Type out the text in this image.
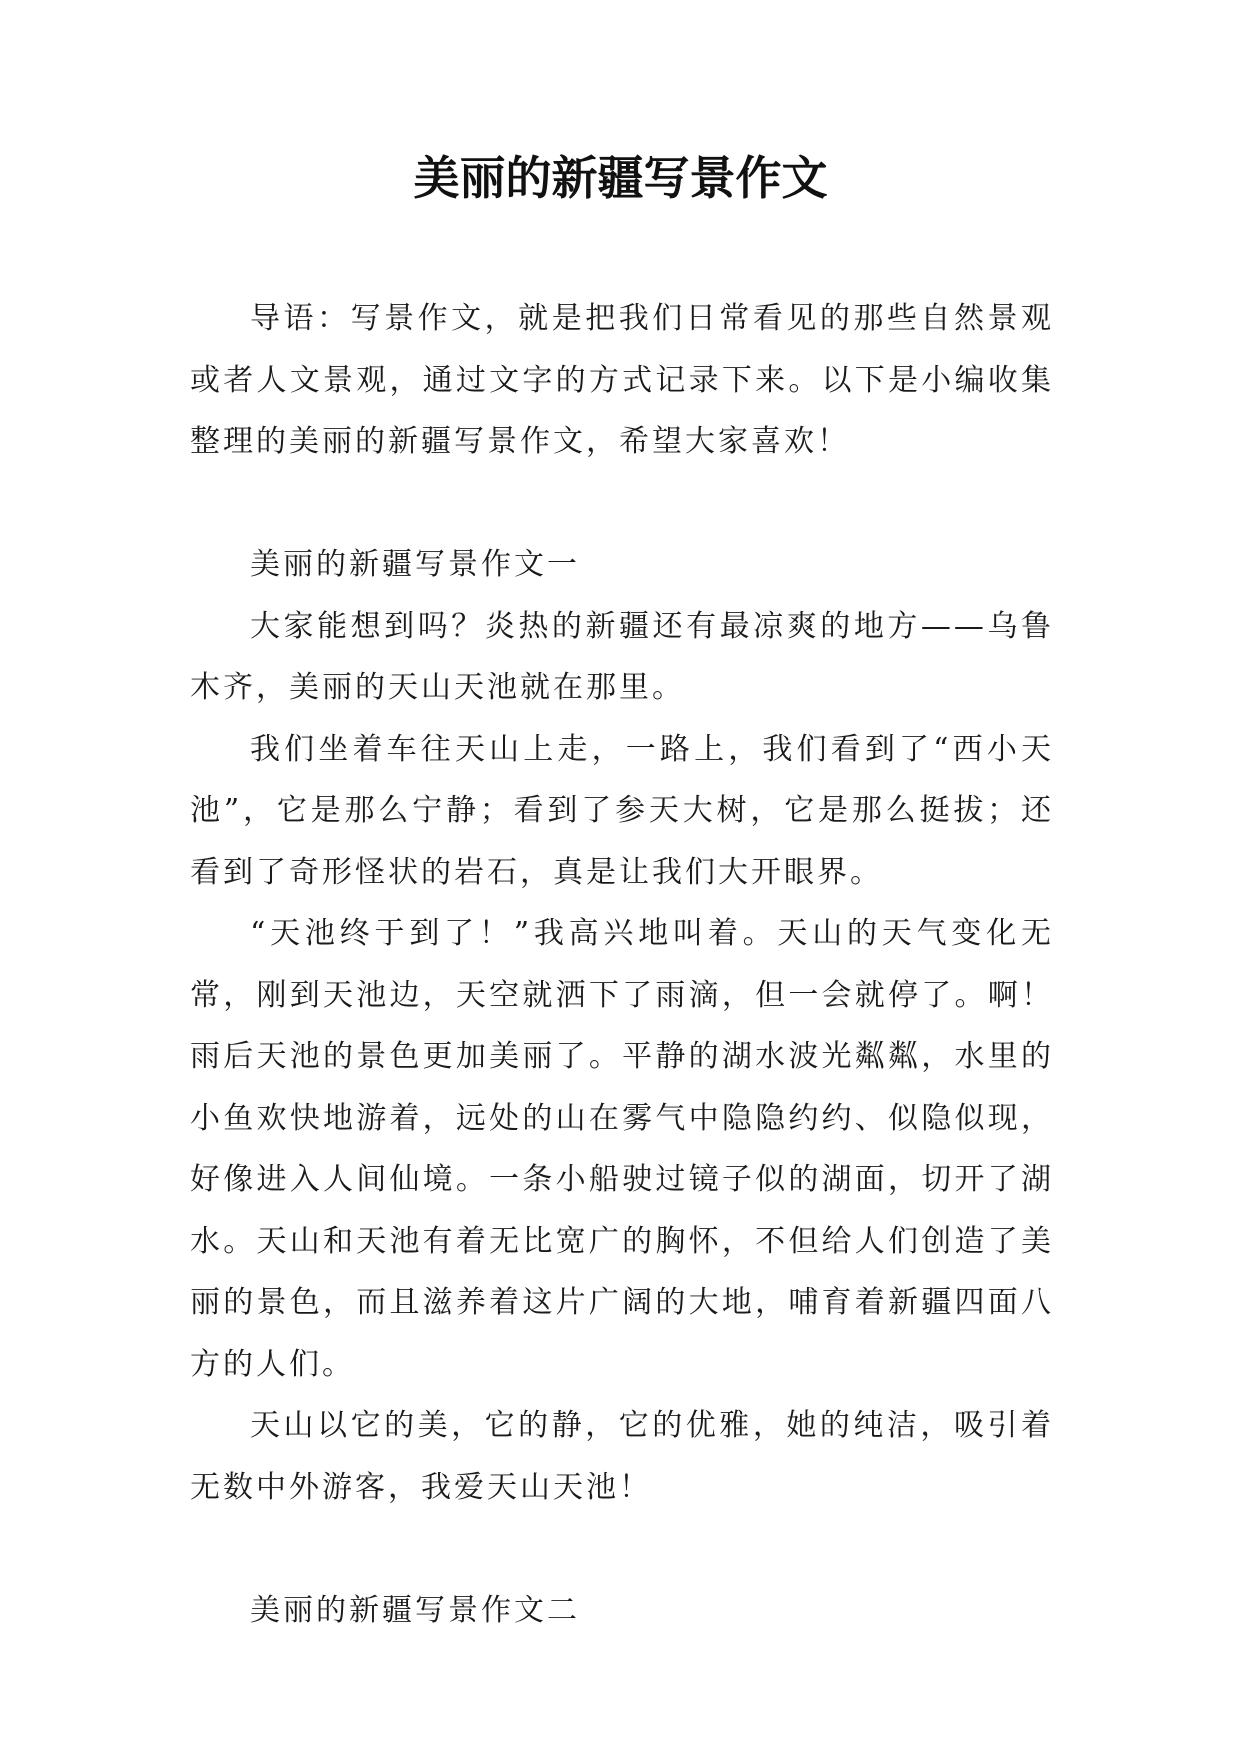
美丽的新疆写景作文

导语：写景作文，就是把我们日常看见的那些自然景观或者人文景观，通过文字的方式记录下来。以下是小编收集整理的美丽的新疆写景作文，希望大家喜欢！

美丽的新疆写景作文一

大家能想到吗？炎热的新疆还有最凉爽的地方——乌鲁木齐，美丽的天山天池就在那里。

我们坐着车往天山上走，一路上，我们看到了“西小天池”，它是那么宁静；看到了参天大树，它是那么挺拔；还看到了奇形怪状的岩石，真是让我们大开眼界。

“天池终于到了！”我高兴地叫着。天山的天气变化无常，刚到天池边，天空就洒下了雨滴，但一会就停了。啊！雨后天池的景色更加美丽了。平静的湖水波光粼粼，水里的小鱼欢快地游着，远处的山在雾气中隐隐约约、似隐似现，好像进入人间仙境。一条小船驶过镜子似的湖面，切开了湖水。天山和天池有着无比宽广的胸怀，不但给人们创造了美丽的景色，而且滋养着这片广阔的大地，哺育着新疆四面八方的人们。

天山以它的美，它的静，它的优雅，她的纯洁，吸引着无数中外游客，我爱天山天池！

美丽的新疆写景作文二
